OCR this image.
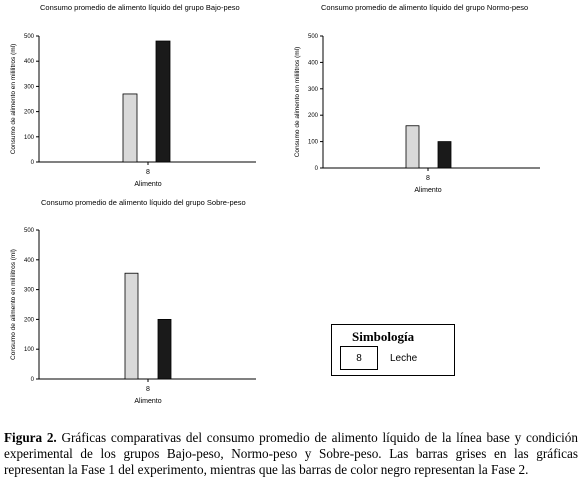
Consumo promedio de alimento líquido del grupo Bajo-peso
0
100
200
300
400
500
Consumo de alimento en mililitros (ml)
8
Alimento
Consumo promedio de alimento líquido del grupo Normo-peso
0
100
200
300
400
500
Consumo de alimento en mililitros (ml)
8
Alimento
Consumo promedio de alimento líquido del grupo Sobre-peso
0
100
200
300
400
500
Consumo de alimento en milílitros (ml)
8
Alimento
Simbología
8	Leche
Figura 2. Gráficas comparativas del consumo promedio de alimento líquido de la línea base y condición experimental de los grupos Bajo-peso, Normo-peso y Sobre-peso. Las barras grises en las gráficas representan la Fase 1 del experimento, mientras que las barras de color negro representan la Fase 2.
